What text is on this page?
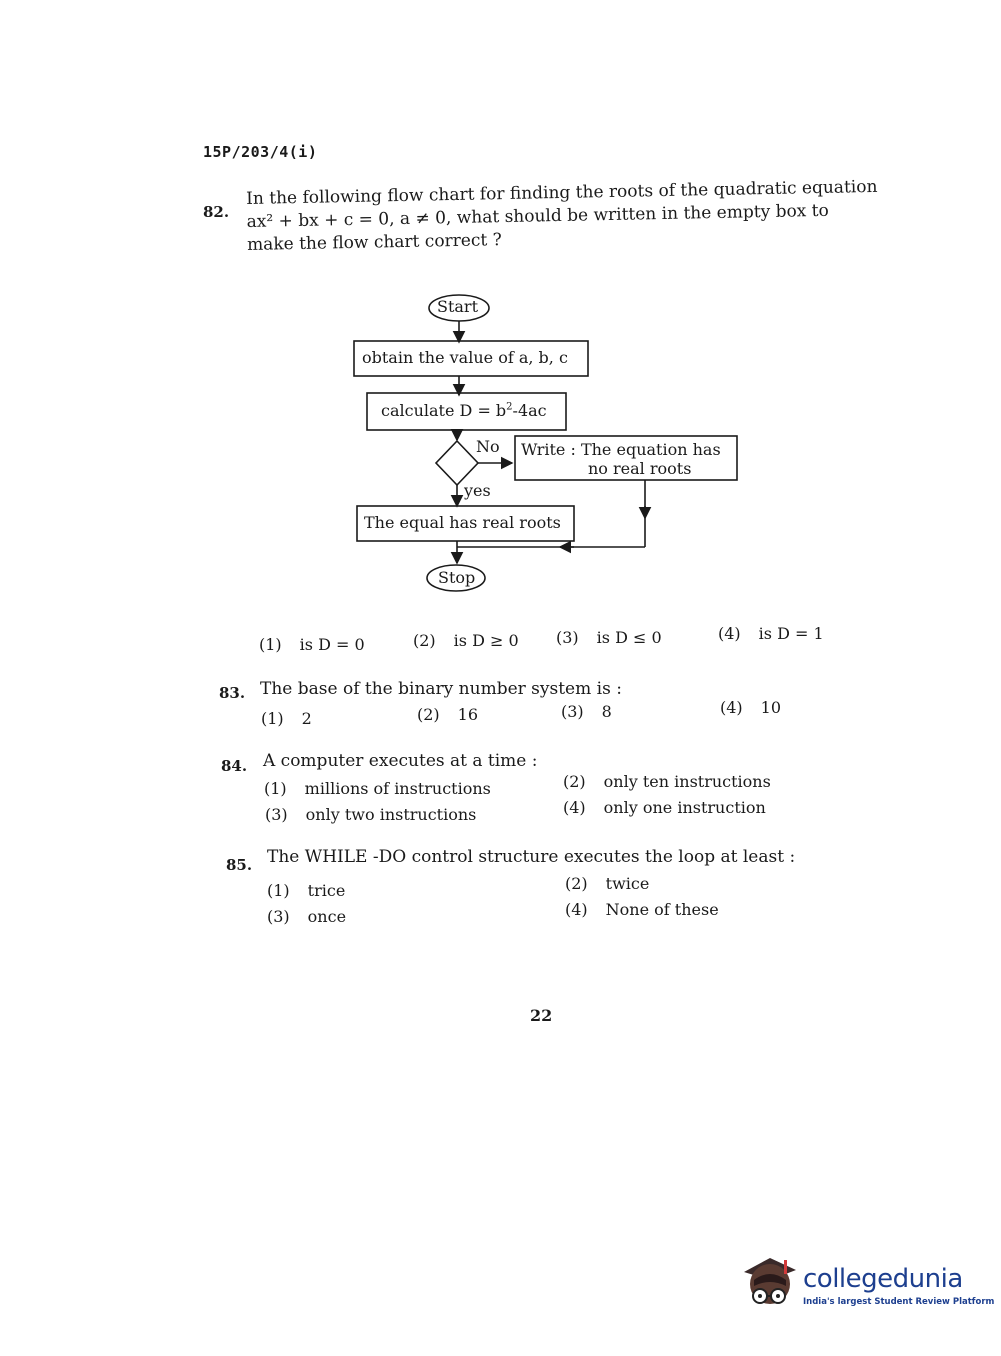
15P/203/4(i)
82.
In the following flow chart for finding the roots of the quadratic equation
ax² + bx + c = 0, a ≠ 0, what should be written in the empty box to
make the flow chart correct ?
Start
obtain the value of a, b, c
calculate $D = b^2-4ac$
No
yes
Write : The equation has
no real roots
The equal has real roots
Stop
(1) is D = 0	(2) is D ≥ 0 (3) is D ≤ 0	(4) is D = 1
83. The base of the binary number system is :
(1) 2	(2) 16	(3) 8	(4) 10
84. A computer executes at a time :
(1) millions of instructions	(2) only ten instructions
(3) only two instructions	(4) only one instruction
85. The WHILE -DO control structure executes the loop at least :
(1) trice	(2) twice
(3) once	(4) None of these
22
collegedunia
India's largest Student Review Platform
